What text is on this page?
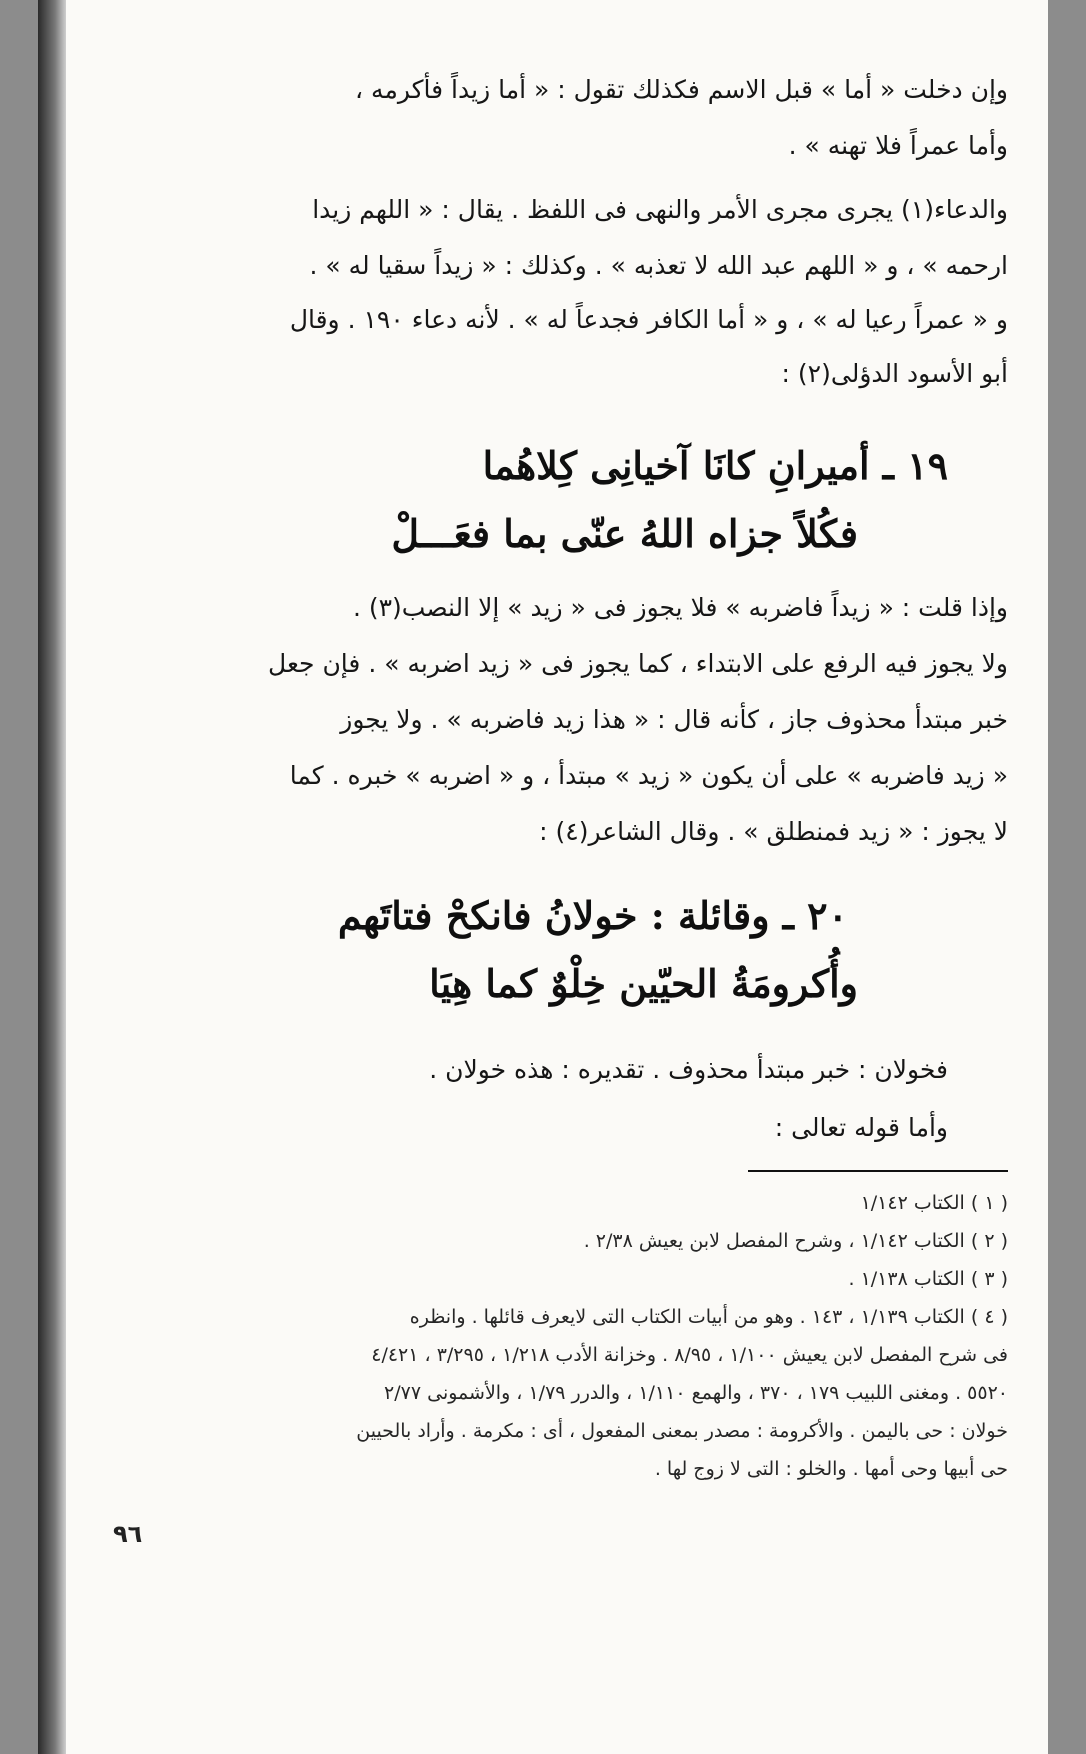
وإن دخلت « أما » قبل الاسم فكذلك تقول : « أما زيداً فأكرمه ،
وأما عمراً فلا تهنه » .
والدعاء(١) يجرى مجرى الأمر والنهى فى اللفظ . يقال : « اللهم زيدا
ارحمه » ، و « اللهم عبد الله لا تعذبه » . وكذلك : « زيداً سقيا له » .
و « عمراً رعيا له » ، و « أما الكافر فجدعاً له » . لأنه دعاء ١٩٠ . وقال
أبو الأسود الدؤلى(٢) :
١٩ ـ أميرانِ كانَا آخيانِى كِلاهُما
فكُلاً جزاه اللهُ عنّى بما فعَـــلْ
وإذا قلت : « زيداً فاضربه » فلا يجوز فى « زيد » إلا النصب(٣) .
ولا يجوز فيه الرفع على الابتداء ، كما يجوز فى « زيد اضربه » . فإن جعل
خبر مبتدأ محذوف جاز ، كأنه قال : « هذا زيد فاضربه » . ولا يجوز
« زيد فاضربه » على أن يكون « زيد » مبتدأ ، و « اضربه » خبره . كما
لا يجوز : « زيد فمنطلق » . وقال الشاعر(٤) :
٢٠ ـ وقائلة : خولانُ فانكحْ فتاتَهم
وأُكرومَةُ الحيّين خِلْوٌ كما هِيَا
فخولان : خبر مبتدأ محذوف . تقديره : هذه خولان .
وأما قوله تعالى :
( ١ ) الكتاب ١/١٤٢
( ٢ ) الكتاب ١/١٤٢ ، وشرح المفصل لابن يعيش ٢/٣٨ .
( ٣ ) الكتاب ١/١٣٨ .
( ٤ ) الكتاب ١/١٣٩ ، ١٤٣ . وهو من أبيات الكتاب التى لايعرف قائلها . وانظره
فى شرح المفصل لابن يعيش ١/١٠٠ ، ٨/٩٥ . وخزانة الأدب ١/٢١٨ ، ٣/٢٩٥ ، ٤/٤٢١
٥٥٢٠ . ومغنى اللبيب ١٧٩ ، ٣٧٠ ، والهمع ١/١١٠ ، والدرر ١/٧٩ ، والأشمونى ٢/٧٧
خولان : حى باليمن . والأكرومة : مصدر بمعنى المفعول ، أى : مكرمة . وأراد بالحيين
حى أبيها وحى أمها . والخلو : التى لا زوج لها .
٩٦
